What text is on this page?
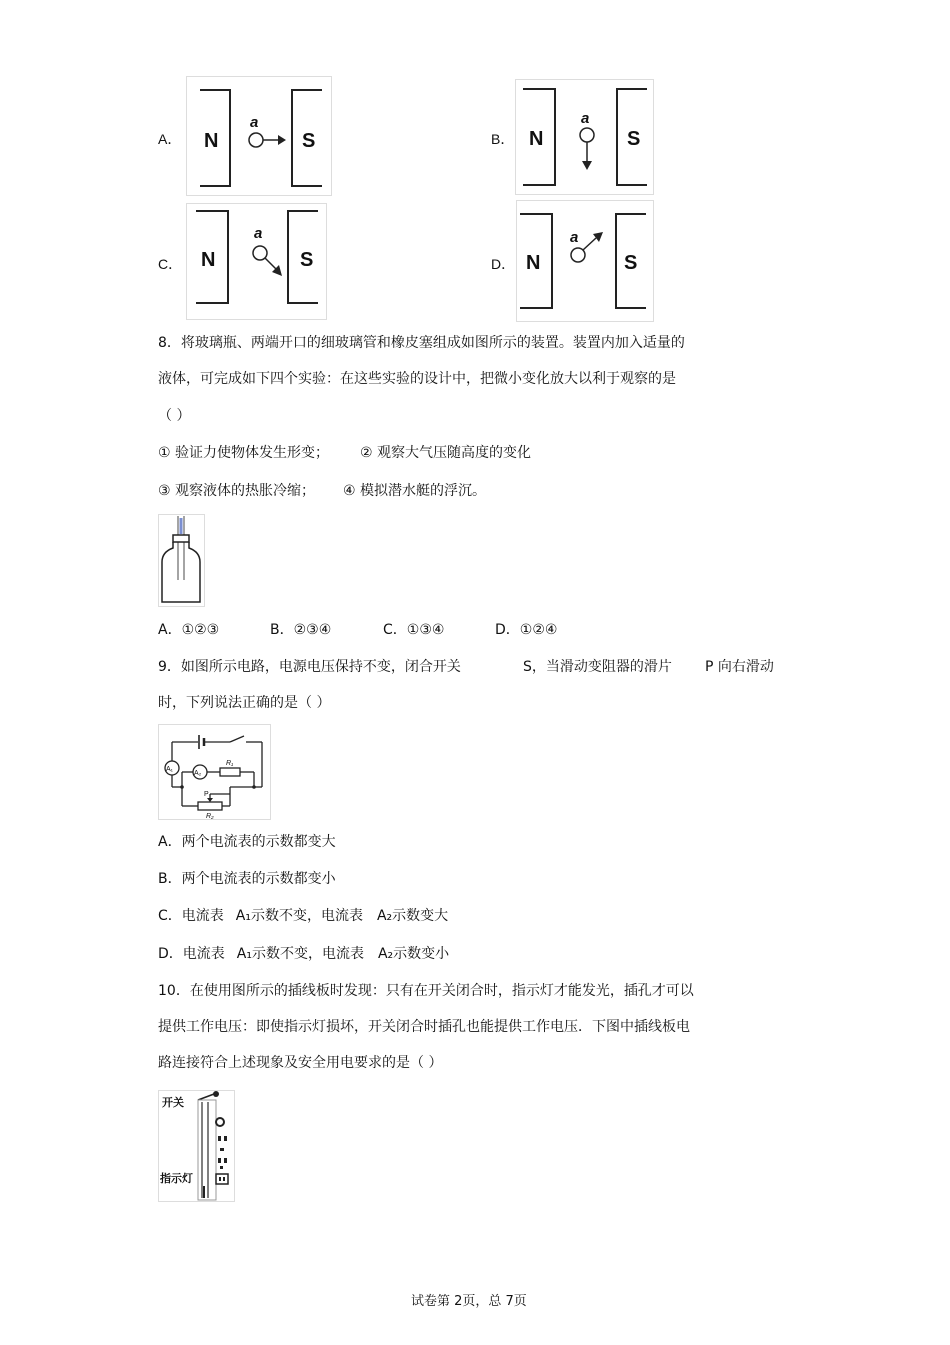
A． N	S
a
B． N	S
a
C． N	S
a
D． N	S
a
8．将玻璃瓶、两端开口的细玻璃管和橡皮塞组成如图所示的装置。装置内加入适量的
液体，可完成如下四个实验：在这些实验的设计中，把微小变化放大以利于观察的是
（ ）
① 验证力使物体发生形变； ② 观察大气压随高度的变化
③ 观察液体的热胀冷缩； ④ 模拟潜水艇的浮沉。
A．①②③	B．②③④	C．①③④	D．①②④
9．如图所示电路，电源电压保持不变，闭合开关	S，当滑动变阻器的滑片 P 向右滑动
时，下列说法正确的是（ ）
A₁
A₂
R₁
P
R₂
A．两个电流表的示数都变大
B．两个电流表的示数都变小
C．电流表 A₁示数不变，电流表 A₂示数变大
D．电流表 A₁示数不变，电流表 A₂示数变小
10．在使用图所示的插线板时发现：只有在开关闭合时，指示灯才能发光，插孔才可以
提供工作电压：即使指示灯损坏，开关闭合时插孔也能提供工作电压．下图中插线板电
路连接符合上述现象及安全用电要求的是（ ）
开关
指示灯
试卷第 2页，总 7页
